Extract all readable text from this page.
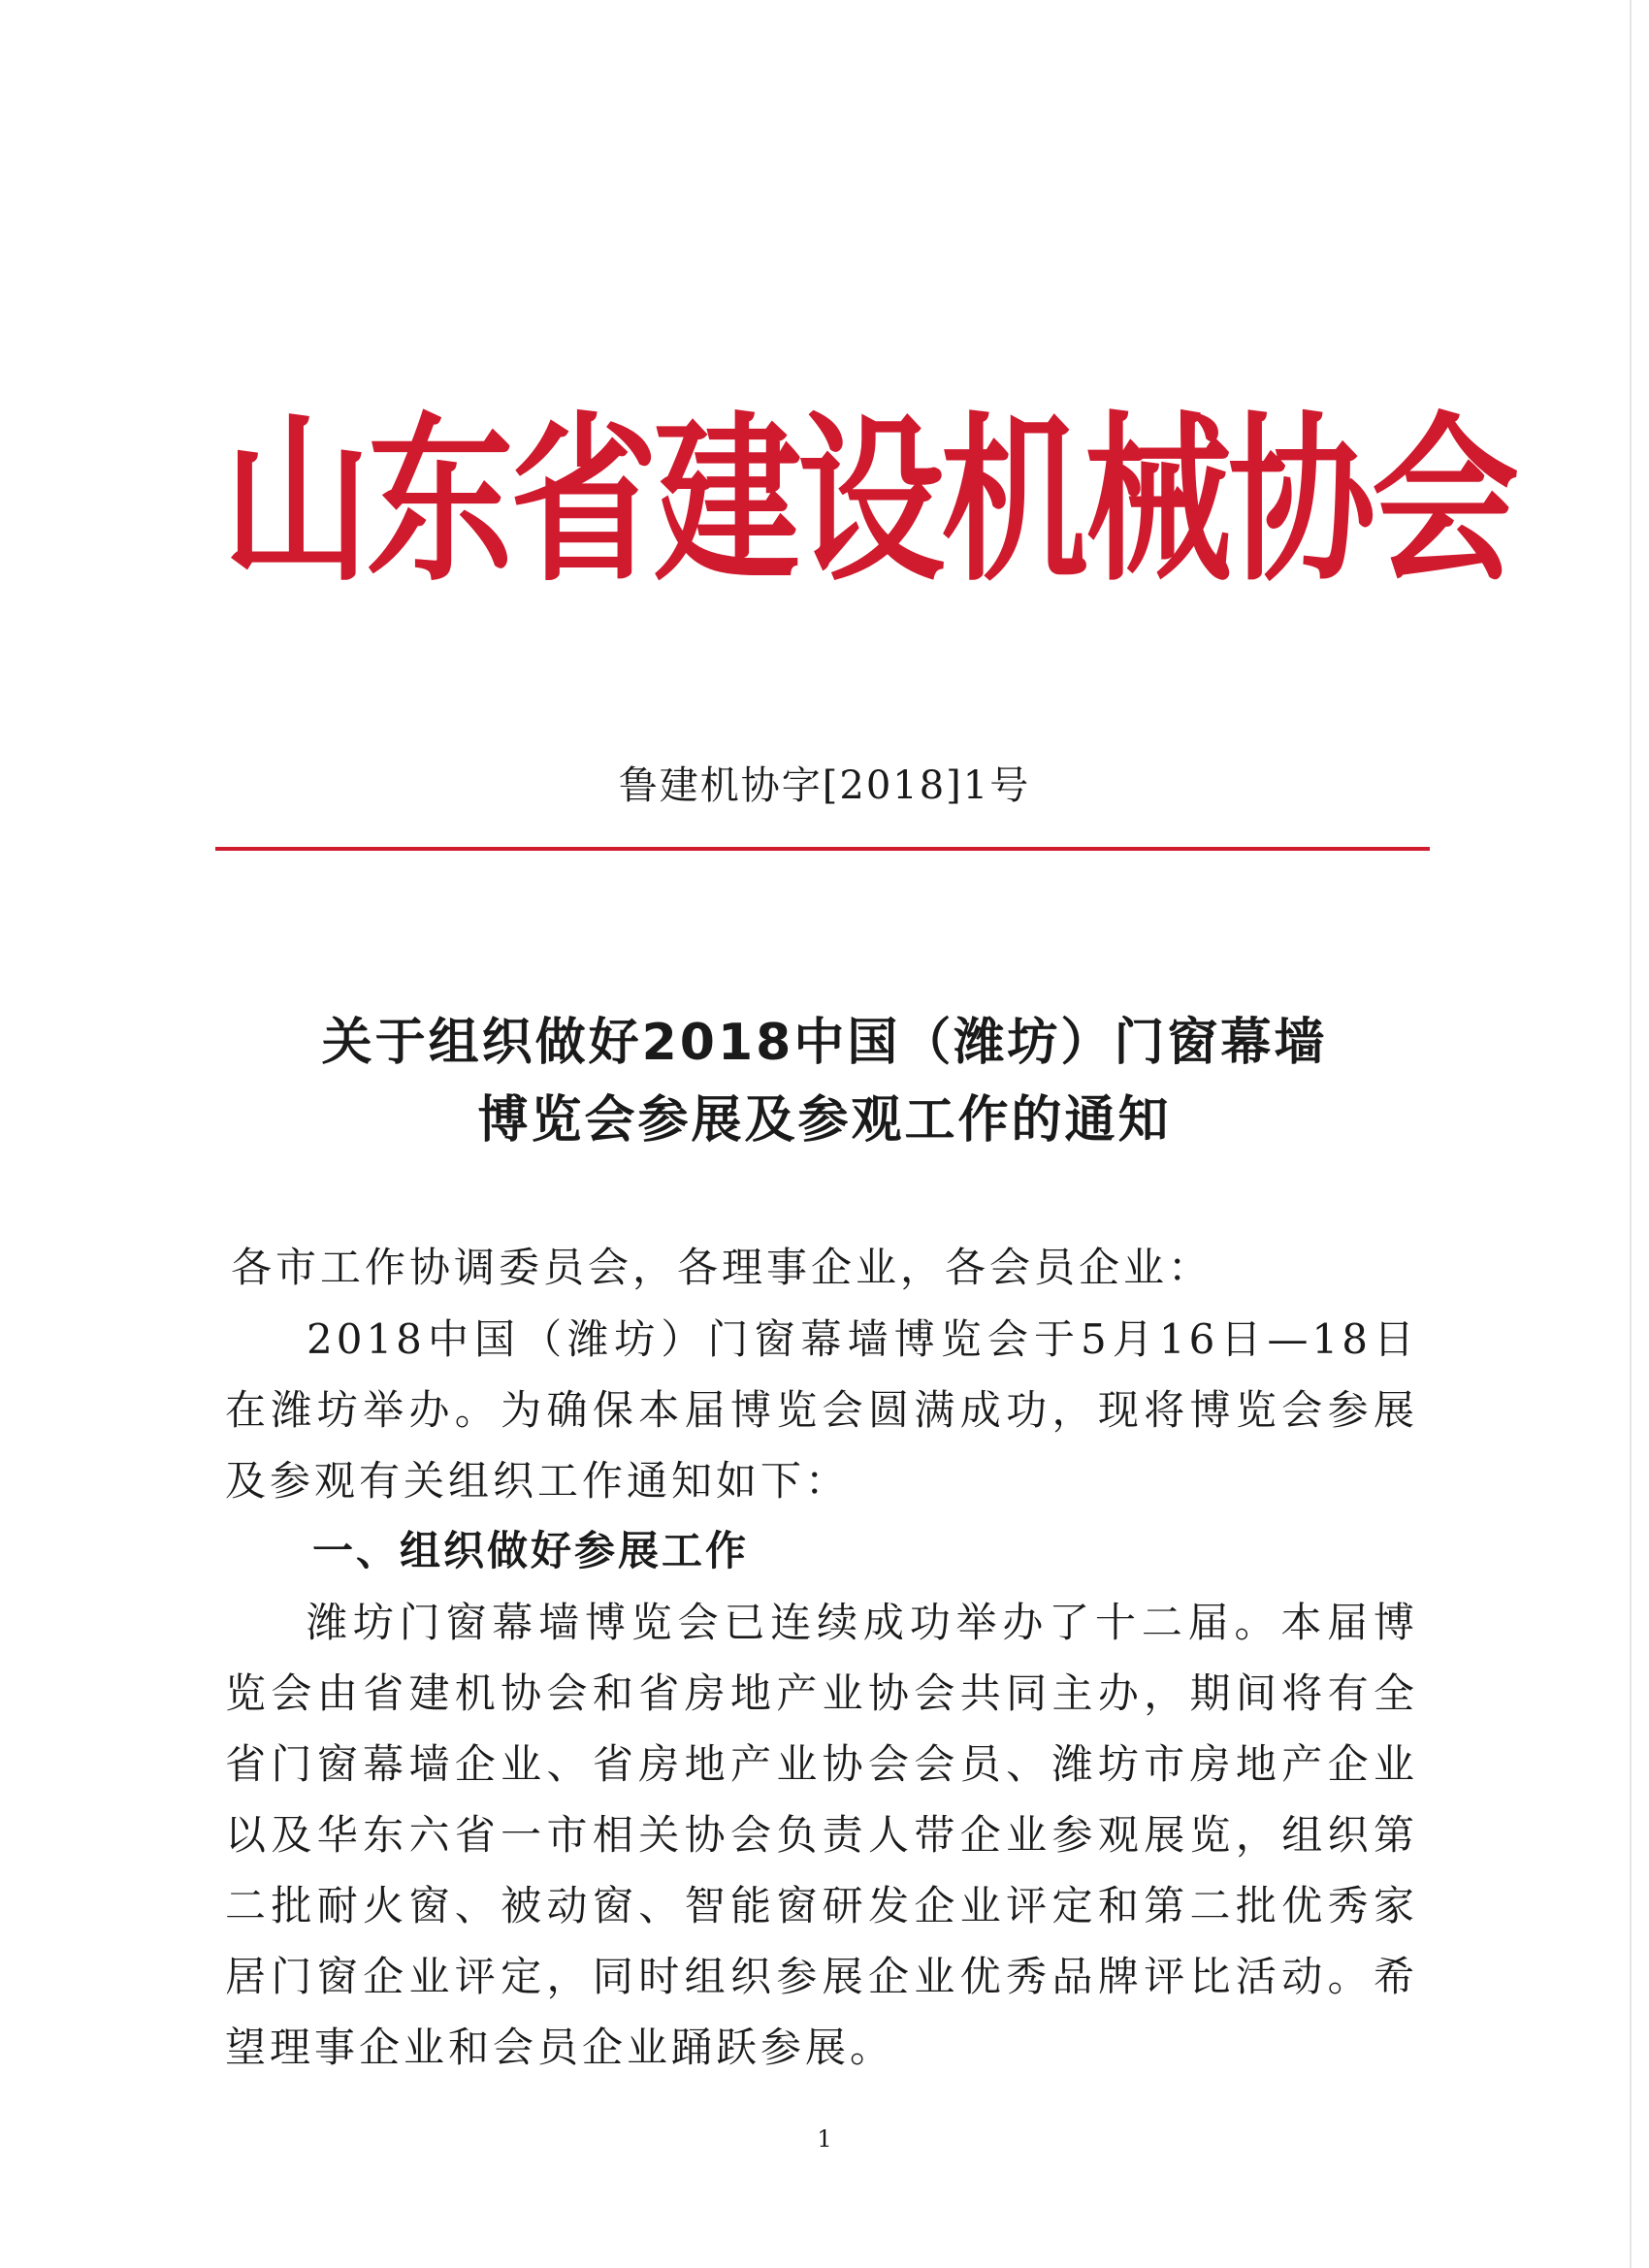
山东省建设机械协会
鲁建机协字[2018]1号
关于组织做好2018中国（潍坊）门窗幕墙
博览会参展及参观工作的通知

各市工作协调委员会，各理事企业，各会员企业：

2018中国（潍坊）门窗幕墙博览会于5月16日—18日在潍坊举办。为确保本届博览会圆满成功，现将博览会参展及参观有关组织工作通知如下：

一、组织做好参展工作

潍坊门窗幕墙博览会已连续成功举办了十二届。本届博览会由省建机协会和省房地产业协会共同主办，期间将有全省门窗幕墙企业、省房地产业协会会员、潍坊市房地产企业以及华东六省一市相关协会负责人带企业参观展览，组织第二批耐火窗、被动窗、智能窗研发企业评定和第二批优秀家居门窗企业评定，同时组织参展企业优秀品牌评比活动。希望理事企业和会员企业踊跃参展。

1
